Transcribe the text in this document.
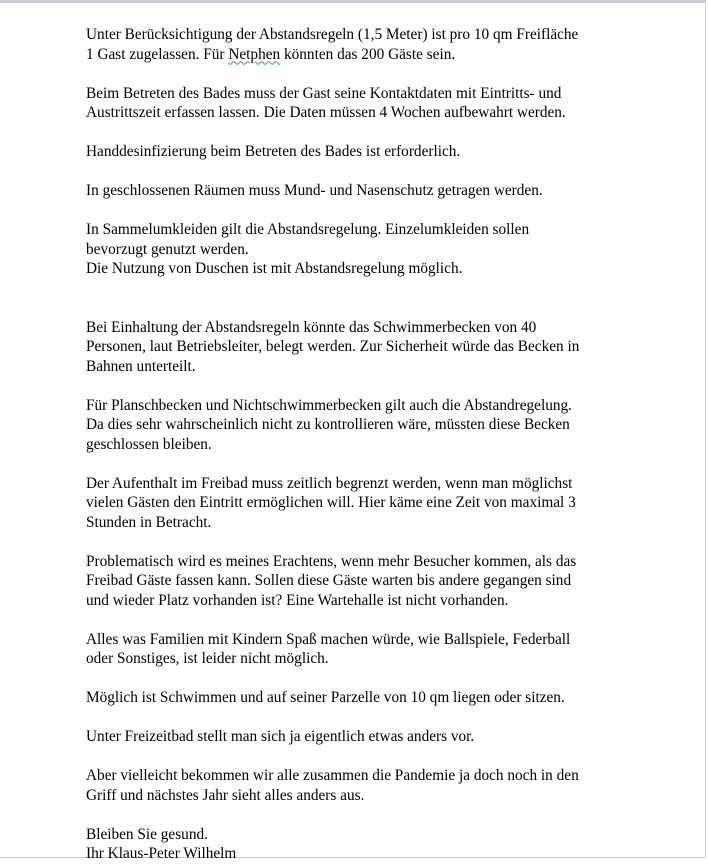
Unter Berücksichtigung der Abstandsregeln (1,5 Meter) ist pro 10 qm Freifläche
1 Gast zugelassen. Für Netphen könnten das 200 Gäste sein.

Beim Betreten des Bades muss der Gast seine Kontaktdaten mit Eintritts- und
Austrittszeit erfassen lassen. Die Daten müssen 4 Wochen aufbewahrt werden.

Handdesinfizierung beim Betreten des Bades ist erforderlich.

In geschlossenen Räumen muss Mund- und Nasenschutz getragen werden.

In Sammelumkleiden gilt die Abstandsregelung. Einzelumkleiden sollen
bevorzugt genutzt werden.

Die Nutzung von Duschen ist mit Abstandsregelung möglich.

Bei Einhaltung der Abstandsregeln könnte das Schwimmerbecken von 40
Personen, laut Betriebsleiter, belegt werden. Zur Sicherheit würde das Becken in
Bahnen unterteilt.

Für Planschbecken und Nichtschwimmerbecken gilt auch die Abstandregelung.
Da dies sehr wahrscheinlich nicht zu kontrollieren wäre, müssten diese Becken
geschlossen bleiben.

Der Aufenthalt im Freibad muss zeitlich begrenzt werden, wenn man möglichst
vielen Gästen den Eintritt ermöglichen will. Hier käme eine Zeit von maximal 3
Stunden in Betracht.

Problematisch wird es meines Erachtens, wenn mehr Besucher kommen, als das
Freibad Gäste fassen kann. Sollen diese Gäste warten bis andere gegangen sind
und wieder Platz vorhanden ist? Eine Wartehalle ist nicht vorhanden.

Alles was Familien mit Kindern Spaß machen würde, wie Ballspiele, Federball
oder Sonstiges, ist leider nicht möglich.

Möglich ist Schwimmen und auf seiner Parzelle von 10 qm liegen oder sitzen.

Unter Freizeitbad stellt man sich ja eigentlich etwas anders vor.

Aber vielleicht bekommen wir alle zusammen die Pandemie ja doch noch in den
Griff und nächstes Jahr sieht alles anders aus.

Bleiben Sie gesund.

Ihr Klaus-Peter Wilhelm
